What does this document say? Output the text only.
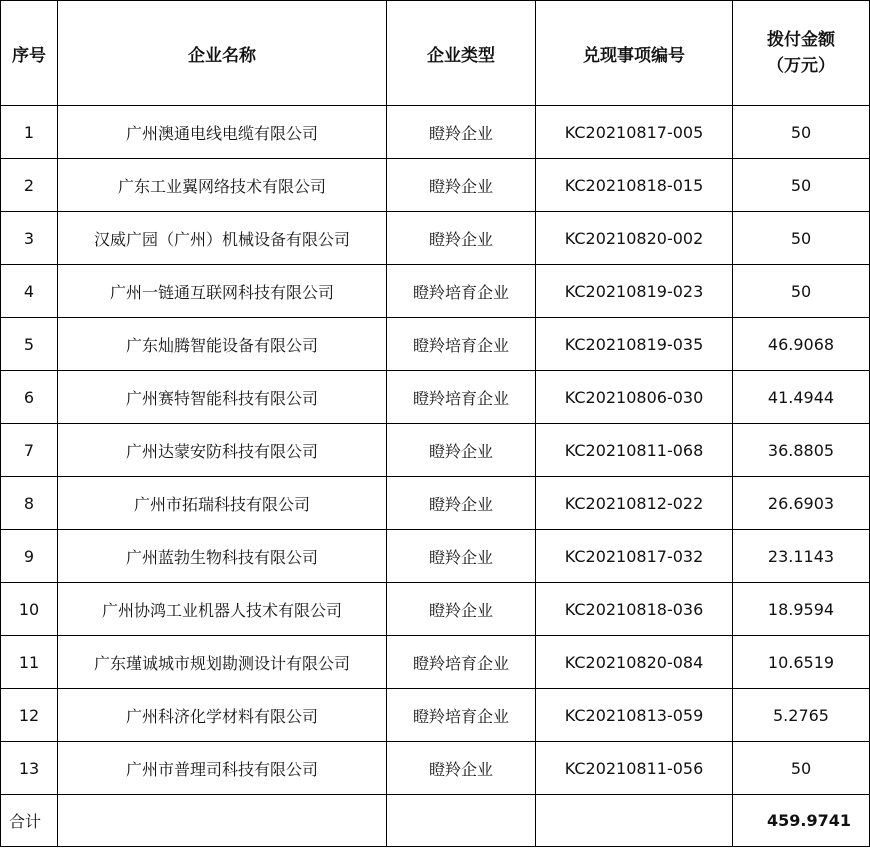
序号	企业名称	企业类型	兑现事项编号	拨付金额
（万元）

1	广州澳通电线电缆有限公司	瞪羚企业	KC20210817-005	50
2	广东工业翼网络技术有限公司	瞪羚企业	KC20210818-015	50
3	汉威广园（广州）机械设备有限公司	瞪羚企业	KC20210820-002	50
4	广州一链通互联网科技有限公司	瞪羚培育企业	KC20210819-023	50
5	广东灿腾智能设备有限公司	瞪羚培育企业	KC20210819-035	46.9068
6	广州赛特智能科技有限公司	瞪羚培育企业	KC20210806-030	41.4944
7	广州达蒙安防科技有限公司	瞪羚企业	KC20210811-068	36.8805
8	广州市拓瑞科技有限公司	瞪羚企业	KC20210812-022	26.6903
9	广州蓝勃生物科技有限公司	瞪羚企业	KC20210817-032	23.1143
10	广州协鸿工业机器人技术有限公司	瞪羚企业	KC20210818-036	18.9594
11	广东瑾诚城市规划勘测设计有限公司	瞪羚培育企业	KC20210820-084	10.6519
12	广州科济化学材料有限公司	瞪羚培育企业	KC20210813-059	5.2765
13	广州市普理司科技有限公司	瞪羚企业	KC20210811-056	50
合计				459.9741
